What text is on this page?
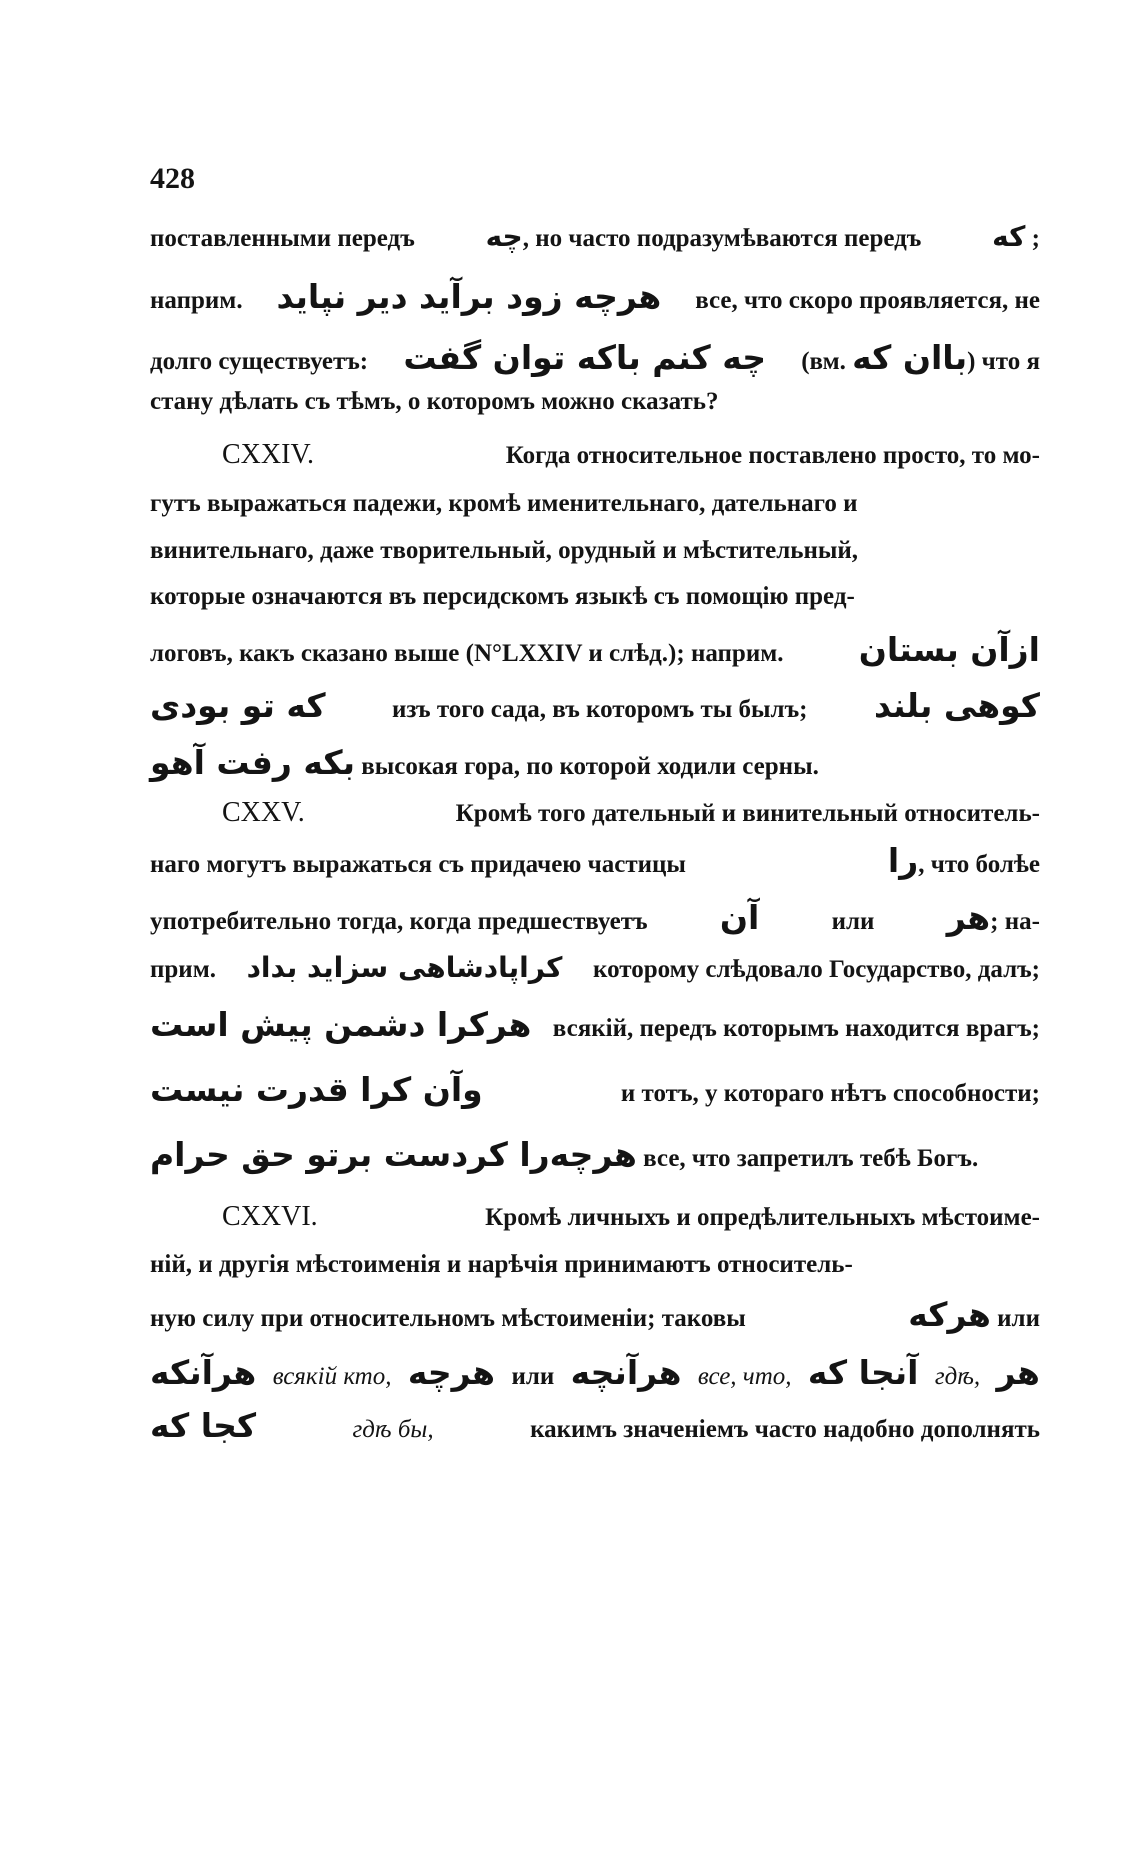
428
поставленными передъ	چه, но часто подразумѣваются передъ	که ;
наприм. هرچه زود برآید دیر نپاید все, что скоро проявляется, не
долго существуетъ: چه کنم باکه توان گفت (вм. باان که) что я
стану дѣлать съ тѣмъ, о которомъ можно сказать?
CXXIV.	Когда относительное поставлено просто, то мо-
гутъ выражаться падежи, кромѣ именительнаго, дательнаго и
винительнаго, даже творительный, орудный и мѣстительный,
которые означаются въ персидскомъ языкѣ съ помощію пред-
логовъ, какъ сказано выше (N°LXXIV и слѣд.); наприм. ازآن بستان
که تو بودی	изъ того сада, въ которомъ ты былъ; کوهی بلند
بکه رفت آهو высокая гора, по которой ходили серны.
CXXV.	Кромѣ того дательный и винительный относитель-
наго могутъ выражаться съ придачею частицы	را, что болѣе
употребительно тогда, когда предшествуетъ آن	или هر; на-
прим. کراپادشاهی سزاید بداد которому слѣдовало Государство, далъ;
هرکرا دشمن پیش است всякій, передъ которымъ находится врагъ;
وآن کرا قدرت نیست	и тотъ, у котораго нѣтъ способности;
هرچه‌را کردست برتو حق حرام все, что запретилъ тебѣ Богъ.
CXXVI.	Кромѣ личныхъ и опредѣлительныхъ мѣстоиме-
ній, и другія мѣстоименія и нарѣчія принимаютъ относитель-
ную силу при относительномъ мѣстоименіи; таковы	هرکه или
هرآنکه всякій кто, هرچه или هرآنچه все, что, آنجا که гдѣ, هر
کجا که	гдѣ бы,	какимъ значеніемъ часто надобно дополнять
